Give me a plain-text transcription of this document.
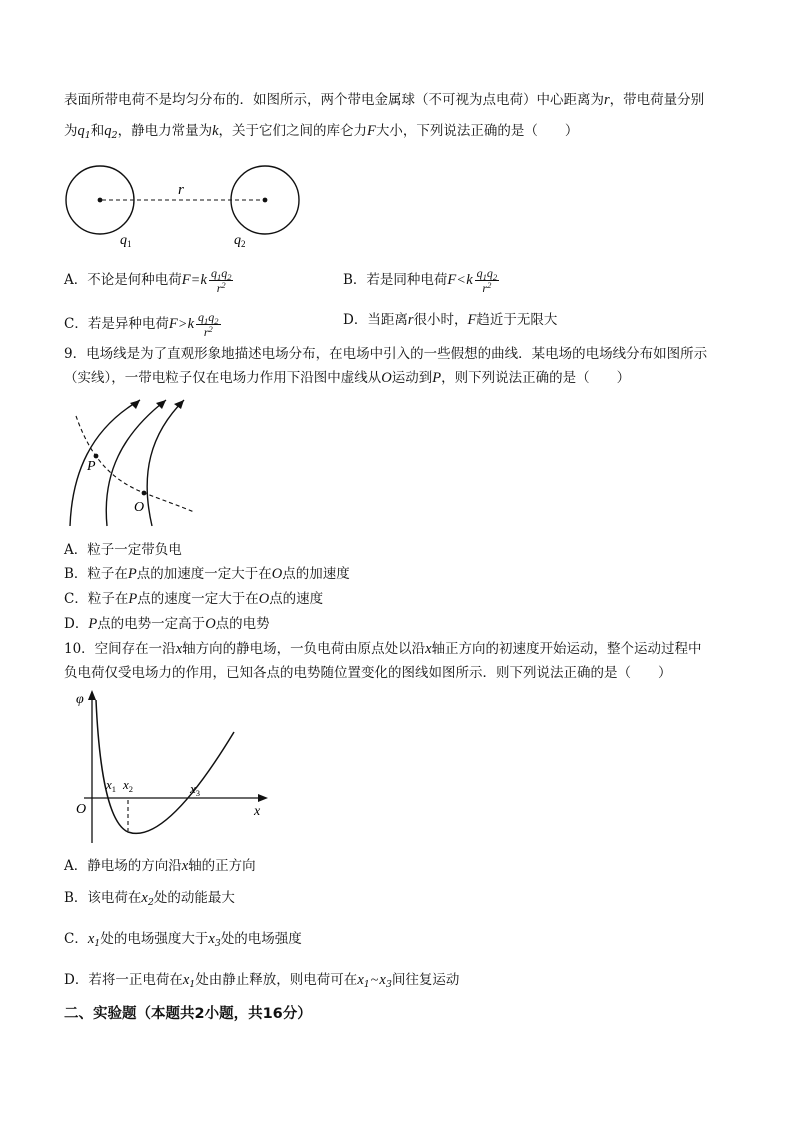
表面所带电荷不是均匀分布的．如图所示，两个带电金属球（不可视为点电荷）中心距离为r，带电荷量分别
为$q_1$和$q_2$，静电力常量为k，关于它们之间的库仑力F大小，下列说法正确的是（　　）
r
$q_1$	$q_2$
A．不论是何种电荷$F=k \frac{q_1q_2}{r^2}$	B．若是同种电荷$F<k \frac{q_1q_2}{r^2}$
C．若是异种电荷$F>k \frac{q_1q_2}{r^2}$	D．当距离r很小时，F趋近于无限大
9．电场线是为了直观形象地描述电场分布，在电场中引入的一些假想的曲线．某电场的电场线分布如图所示
（实线），一带电粒子仅在电场力作用下沿图中虚线从O运动到P，则下列说法正确的是（　　）
P
O
A．粒子一定带负电
B．粒子在P点的加速度一定大于在O点的加速度
C．粒子在P点的速度一定大于在O点的速度
D．P点的电势一定高于O点的电势
10．空间存在一沿x轴方向的静电场，一负电荷由原点处以沿x轴正方向的初速度开始运动，整个运动过程中
负电荷仅受电场力的作用，已知各点的电势随位置变化的图线如图所示．则下列说法正确的是（　　）
φ
O	x
$x_1$ $x_2$	$x_3$
A．静电场的方向沿x轴的正方向
B．该电荷在$x_2$处的动能最大
C．$x_1$处的电场强度大于$x_3$处的电场强度
D．若将一正电荷在$x_1$处由静止释放，则电荷可在$x_1\sim x_3$间往复运动
二、实验题（本题共2小题，共16分）
